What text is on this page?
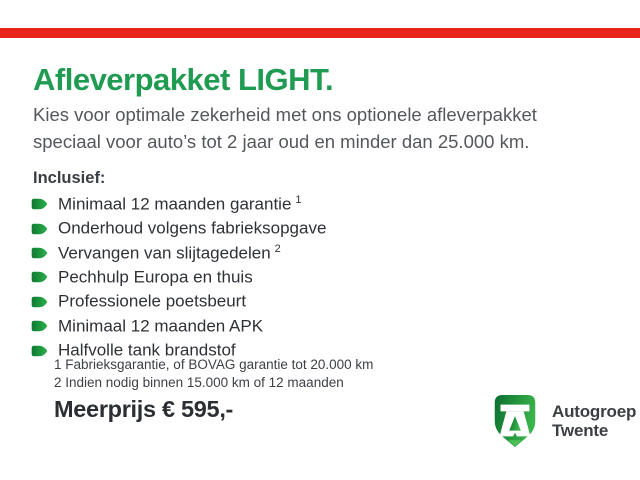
Afleverpakket LIGHT.
Kies voor optimale zekerheid met ons optionele afleverpakket
speciaal voor auto’s tot 2 jaar oud en minder dan 25.000 km.
Inclusief:
Minimaal 12 maanden garantie $^1$
Onderhoud volgens fabrieksopgave
Vervangen van slijtagedelen $^2$
Pechhulp Europa en thuis
Professionele poetsbeurt
Minimaal 12 maanden APK
Halfvolle tank brandstof
1 Fabrieksgarantie, of BOVAG garantie tot 20.000 km
2 Indien nodig binnen 15.000 km of 12 maanden
Meerprijs € 595,-	Autogroep
Twente
